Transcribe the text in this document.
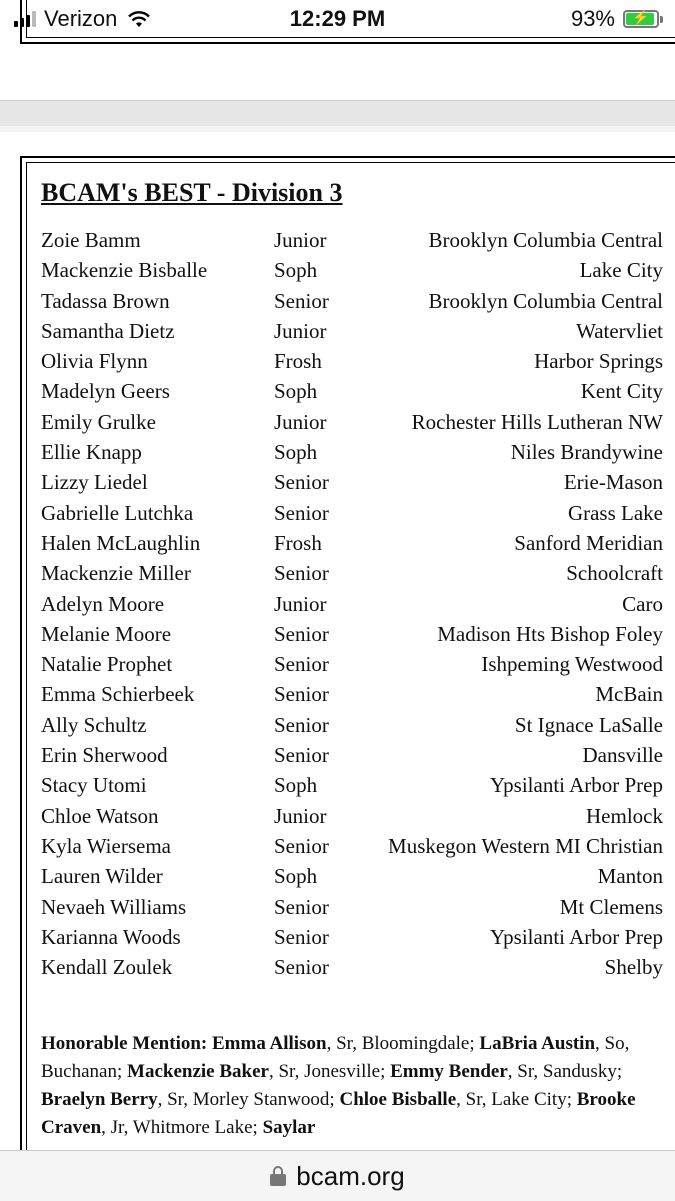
Verizon	12:29 PM	93%	⚡
BCAM's BEST - Division 3
Zoie Bamm	Junior	Brooklyn Columbia Central
Mackenzie Bisballe	Soph	Lake City
Tadassa Brown	Senior	Brooklyn Columbia Central
Samantha Dietz	Junior	Watervliet
Olivia Flynn	Frosh	Harbor Springs
Madelyn Geers	Soph	Kent City
Emily Grulke	Junior	Rochester Hills Lutheran NW
Ellie Knapp	Soph	Niles Brandywine
Lizzy Liedel	Senior	Erie-Mason
Gabrielle Lutchka	Senior	Grass Lake
Halen McLaughlin	Frosh	Sanford Meridian
Mackenzie Miller	Senior	Schoolcraft
Adelyn Moore	Junior	Caro
Melanie Moore	Senior	Madison Hts Bishop Foley
Natalie Prophet	Senior	Ishpeming Westwood
Emma Schierbeek	Senior	McBain
Ally Schultz	Senior	St Ignace LaSalle
Erin Sherwood	Senior	Dansville
Stacy Utomi	Soph	Ypsilanti Arbor Prep
Chloe Watson	Junior	Hemlock
Kyla Wiersema	Senior	Muskegon Western MI Christian
Lauren Wilder	Soph	Manton
Nevaeh Williams	Senior	Mt Clemens
Karianna Woods	Senior	Ypsilanti Arbor Prep
Kendall Zoulek	Senior	Shelby
Honorable Mention: Emma Allison, Sr, Bloomingdale; LaBria Austin, So, Buchanan; Mackenzie Baker, Sr, Jonesville; Emmy Bender, Sr, Sandusky; Braelyn Berry, Sr, Morley Stanwood; Chloe Bisballe, Sr, Lake City; Brooke Craven, Jr, Whitmore Lake; Saylar
bcam.org
